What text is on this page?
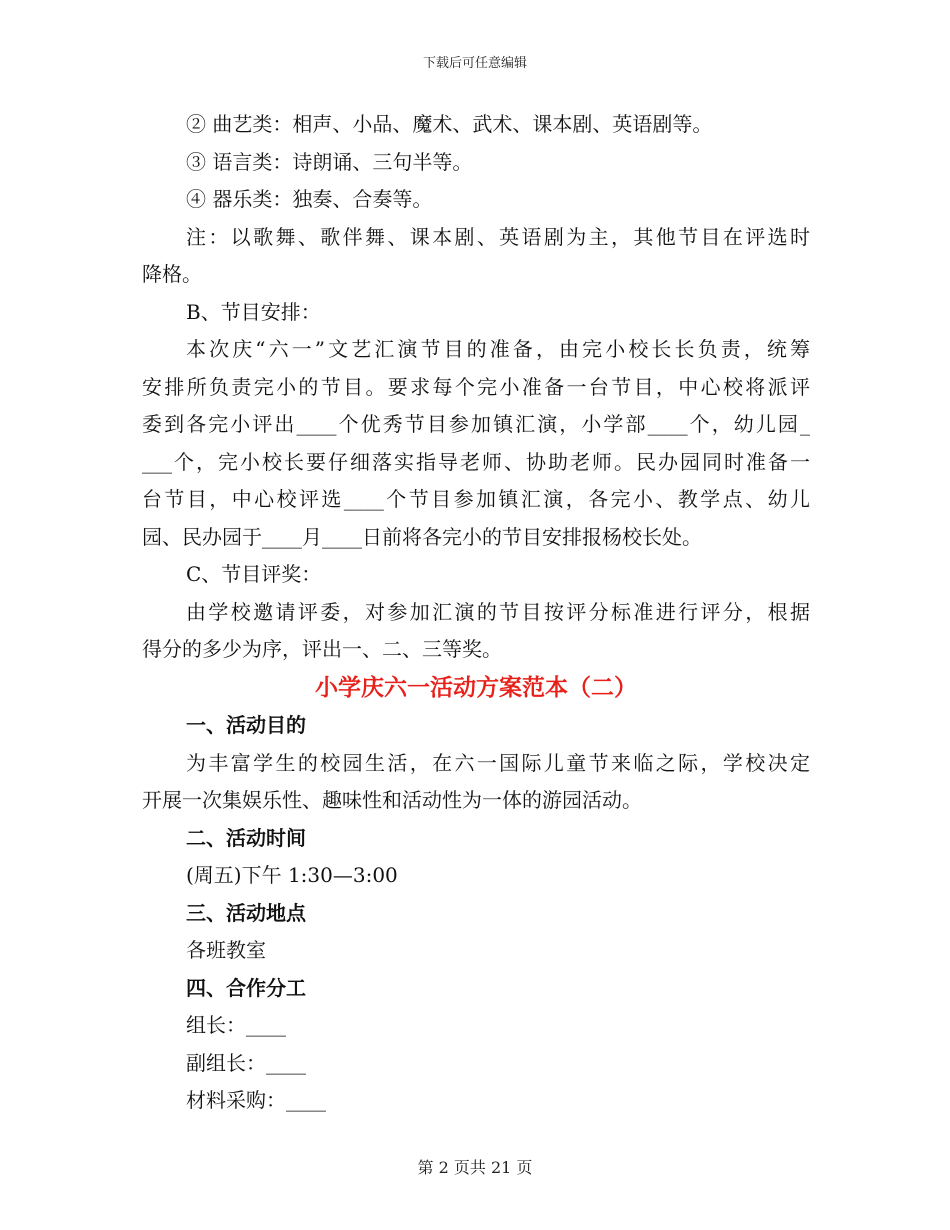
下载后可任意编辑
② 曲艺类：相声、小品、魔术、武术、课本剧、英语剧等。
③ 语言类：诗朗诵、三句半等。
④ 器乐类：独奏、合奏等。
注：以歌舞、歌伴舞、课本剧、英语剧为主，其他节目在评选时
降格。
B、节目安排：
本次庆“六一”文艺汇演节目的准备，由完小校长长负责，统筹
安排所负责完小的节目。要求每个完小准备一台节目，中心校将派评
委到各完小评出____个优秀节目参加镇汇演，小学部____个，幼儿园_
___个，完小校长要仔细落实指导老师、协助老师。民办园同时准备一
台节目，中心校评选____个节目参加镇汇演，各完小、教学点、幼儿
园、民办园于____月____日前将各完小的节目安排报杨校长处。
C、节目评奖：
由学校邀请评委，对参加汇演的节目按评分标准进行评分，根据
得分的多少为序，评出一、二、三等奖。
小学庆六一活动方案范本（二）
一、活动目的
为丰富学生的校园生活，在六一国际儿童节来临之际，学校决定
开展一次集娱乐性、趣味性和活动性为一体的游园活动。
二、活动时间
(周五)下午 1:30—3:00
三、活动地点
各班教室
四、合作分工
组长：____
副组长：____
材料采购：____
第 2 页共 21 页
